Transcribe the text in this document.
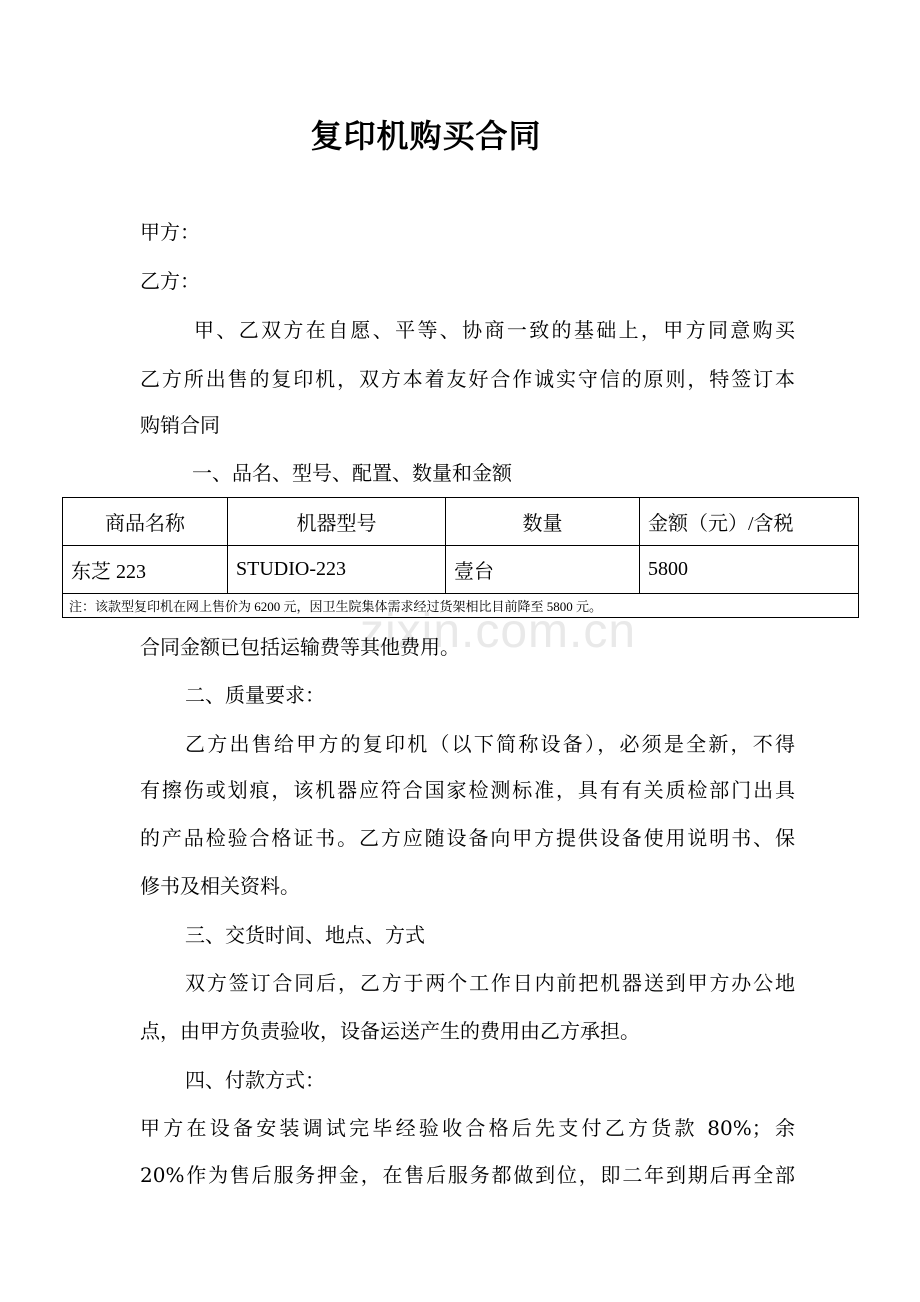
复印机购买合同
甲方：
乙方：
甲、乙双方在自愿、平等、协商一致的基础上，甲方同意购买
乙方所出售的复印机，双方本着友好合作诚实守信的原则，特签订本
购销合同
一、品名、型号、配置、数量和金额
商品名称	机器型号	数量	金额（元）/含税
东芝 223	STUDIO-223	壹台	5800
注：该款型复印机在网上售价为 6200 元，因卫生院集体需求经过货架相比目前降至 5800 元。			
zixin.com.cn
合同金额已包括运输费等其他费用。
二、质量要求：
乙方出售给甲方的复印机（以下简称设备），必须是全新，不得
有擦伤或划痕，该机器应符合国家检测标准，具有有关质检部门出具
的产品检验合格证书。乙方应随设备向甲方提供设备使用说明书、保
修书及相关资料。
三、交货时间、地点、方式
双方签订合同后，乙方于两个工作日内前把机器送到甲方办公地
点，由甲方负责验收，设备运送产生的费用由乙方承担。
四、付款方式：
甲方在设备安装调试完毕经验收合格后先支付乙方货款 80%；余
20%作为售后服务押金，在售后服务都做到位，即二年到期后再全部
